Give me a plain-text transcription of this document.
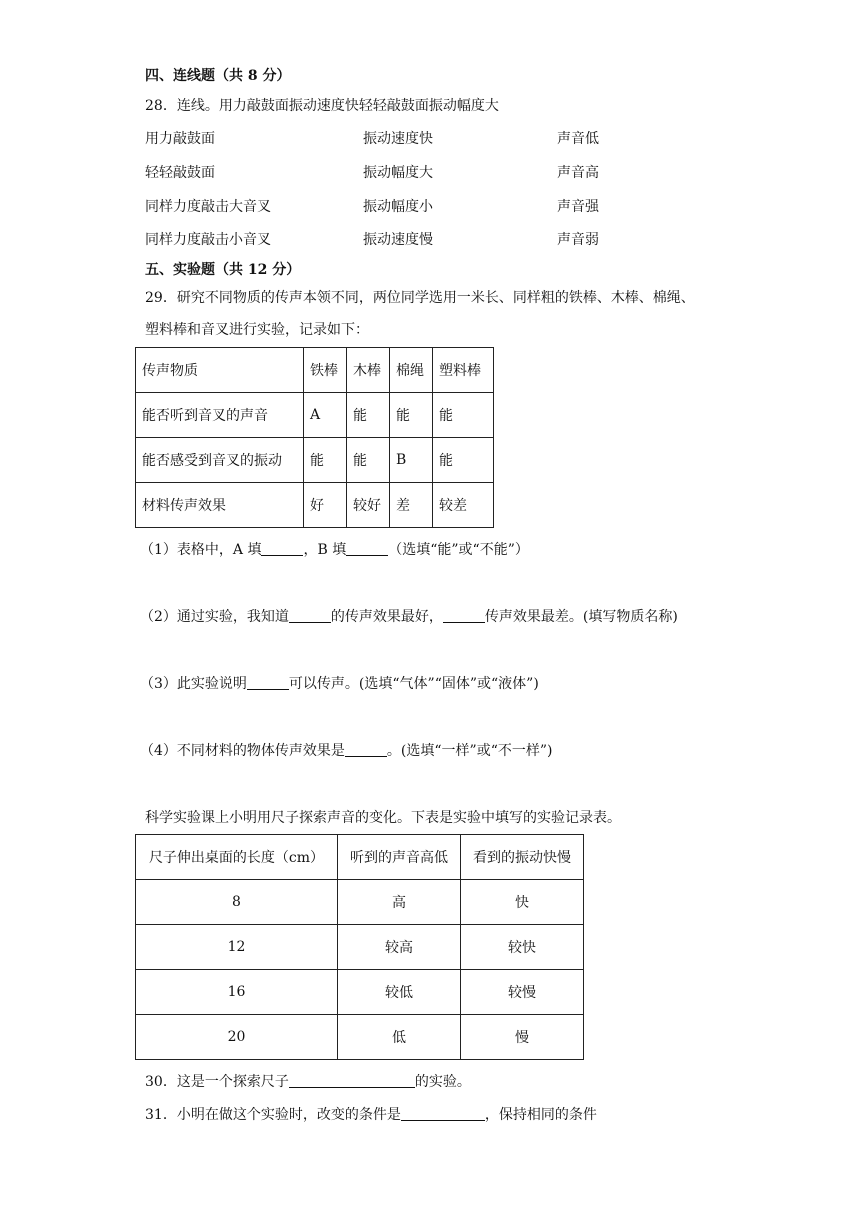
四、连线题（共 8 分）
28．连线。用力敲鼓面振动速度快轻轻敲鼓面振动幅度大
用力敲鼓面	振动速度快	声音低
轻轻敲鼓面	振动幅度大	声音高
同样力度敲击大音叉	振动幅度小	声音强
同样力度敲击小音叉	振动速度慢	声音弱
五、实验题（共 12 分）
29．研究不同物质的传声本领不同，两位同学选用一米长、同样粗的铁棒、木棒、棉绳、
塑料棒和音叉进行实验，记录如下：
传声物质	铁棒	木棒	棉绳	塑料棒
能否听到音叉的声音	A	能	能	能
能否感受到音叉的振动	能	能	B	能
材料传声效果	好	较好	差	较差
（1）表格中，A 填	，B 填	（选填“能”或“不能”）
（2）通过实验，我知道	的传声效果最好，	传声效果最差。(填写物质名称)
（3）此实验说明	可以传声。(选填“气体”“固体”或“液体”)
（4）不同材料的物体传声效果是	。(选填“一样”或“不一样”)
科学实验课上小明用尺子探索声音的变化。下表是实验中填写的实验记录表。
尺子伸出桌面的长度（cm）	听到的声音高低	看到的振动快慢
8	高	快
12	较高	较快
16	较低	较慢
20	低	慢
30．这是一个探索尺子	的实验。
31．小明在做这个实验时，改变的条件是	，保持相同的条件
